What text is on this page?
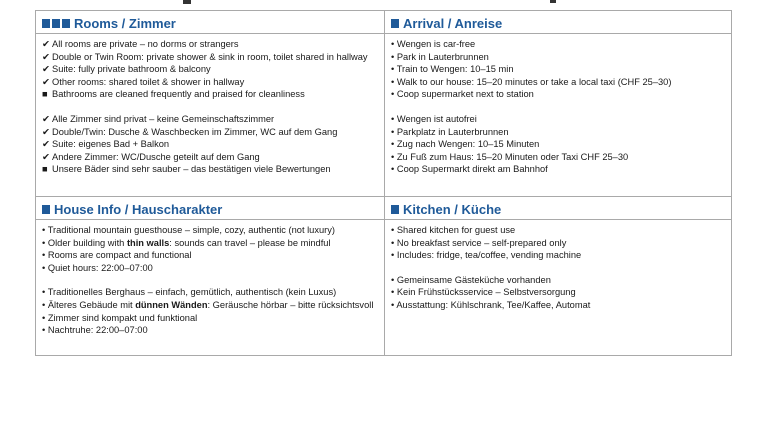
Rooms / Zimmer
✔ All rooms are private – no dorms or strangers
✔ Double or Twin Room: private shower & sink in room, toilet shared in hallway
✔ Suite: fully private bathroom & balcony
✔ Other rooms: shared toilet & shower in hallway
■ Bathrooms are cleaned frequently and praised for cleanliness
✔ Alle Zimmer sind privat – keine Gemeinschaftszimmer
✔ Double/Twin: Dusche & Waschbecken im Zimmer, WC auf dem Gang
✔ Suite: eigenes Bad + Balkon
✔ Andere Zimmer: WC/Dusche geteilt auf dem Gang
■ Unsere Bäder sind sehr sauber – das bestätigen viele Bewertungen
Arrival / Anreise
• Wengen is car-free
• Park in Lauterbrunnen
• Train to Wengen: 10–15 min
• Walk to our house: 15–20 minutes or take a local taxi (CHF 25–30)
• Coop supermarket next to station
• Wengen ist autofrei
• Parkplatz in Lauterbrunnen
• Zug nach Wengen: 10–15 Minuten
• Zu Fuß zum Haus: 15–20 Minuten oder Taxi CHF 25–30
• Coop Supermarkt direkt am Bahnhof
House Info / Hauscharakter
• Traditional mountain guesthouse – simple, cozy, authentic (not luxury)
• Older building with thin walls: sounds can travel – please be mindful
• Rooms are compact and functional
• Quiet hours: 22:00–07:00
• Traditionelles Berghaus – einfach, gemütlich, authentisch (kein Luxus)
• Älteres Gebäude mit dünnen Wänden: Geräusche hörbar – bitte rücksichtsvoll
• Zimmer sind kompakt und funktional
• Nachtruhe: 22:00–07:00
Kitchen / Küche
• Shared kitchen for guest use
• No breakfast service – self-prepared only
• Includes: fridge, tea/coffee, vending machine
• Gemeinsame Gästeküche vorhanden
• Kein Frühstücksservice – Selbstversorgung
• Ausstattung: Kühlschrank, Tee/Kaffee, Automat
